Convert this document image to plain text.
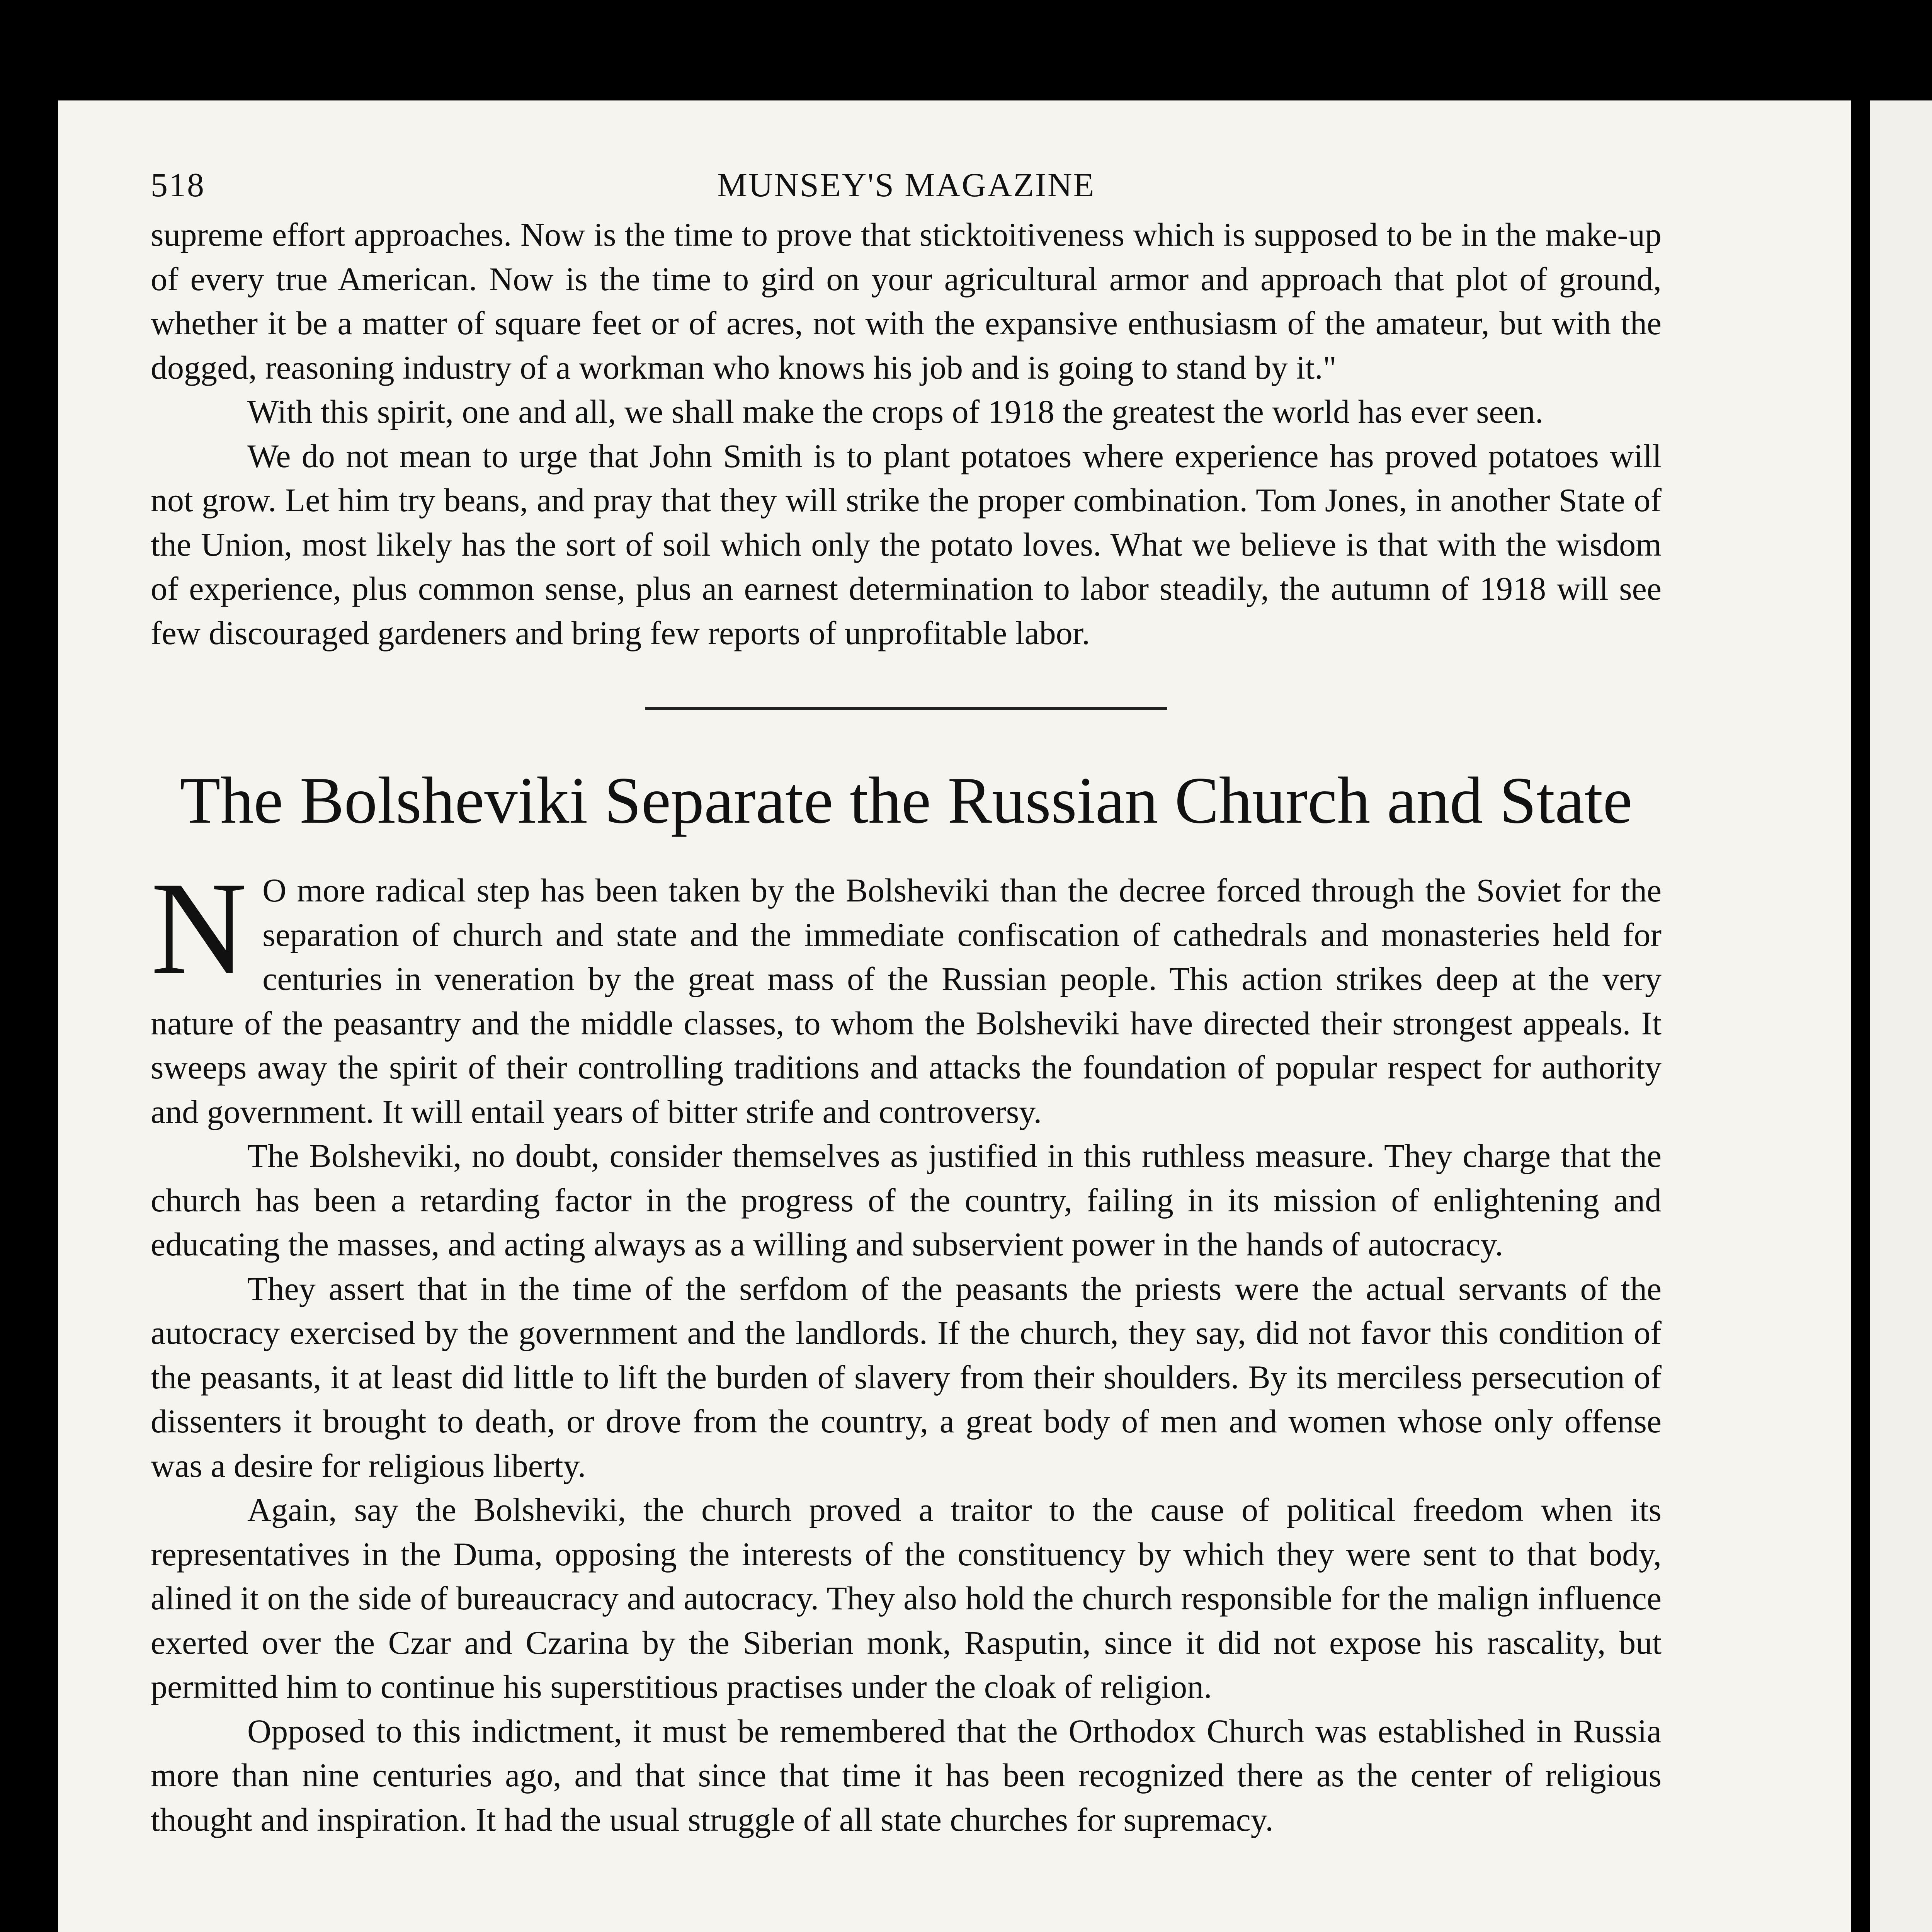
518	MUNSEY'S MAGAZINE

supreme effort approaches. Now is the time to prove that sticktoitiveness which is supposed to be in the make-up of every true American. Now is the time to gird on your agricultural armor and approach that plot of ground, whether it be a matter of square feet or of acres, not with the expansive enthusiasm of the amateur, but with the dogged, reasoning industry of a workman who knows his job and is going to stand by it."

With this spirit, one and all, we shall make the crops of 1918 the greatest the world has ever seen.

We do not mean to urge that John Smith is to plant potatoes where experience has proved potatoes will not grow. Let him try beans, and pray that they will strike the proper combination. Tom Jones, in another State of the Union, most likely has the sort of soil which only the potato loves. What we believe is that with the wisdom of experience, plus common sense, plus an earnest determination to labor steadily, the autumn of 1918 will see few discouraged gardeners and bring few reports of unprofitable labor.

The Bolsheviki Separate the Russian Church and State

N O more radical step has been taken by the Bolsheviki than the decree forced through the Soviet for the separation of church and state and the immediate confiscation of cathedrals and monasteries held for centuries in veneration by the great mass of the Russian people. This action strikes deep at the very nature of the peasantry and the middle classes, to whom the Bolsheviki have directed their strongest appeals. It sweeps away the spirit of their controlling traditions and attacks the foundation of popular respect for authority and government. It will entail years of bitter strife and controversy.

The Bolsheviki, no doubt, consider themselves as justified in this ruthless measure. They charge that the church has been a retarding factor in the progress of the country, failing in its mission of enlightening and educating the masses, and acting always as a willing and subservient power in the hands of autocracy.

They assert that in the time of the serfdom of the peasants the priests were the actual servants of the autocracy exercised by the government and the landlords. If the church, they say, did not favor this condition of the peasants, it at least did little to lift the burden of slavery from their shoulders. By its merciless persecution of dissenters it brought to death, or drove from the country, a great body of men and women whose only offense was a desire for religious liberty.

Again, say the Bolsheviki, the church proved a traitor to the cause of political freedom when its representatives in the Duma, opposing the interests of the constituency by which they were sent to that body, alined it on the side of bureaucracy and autocracy. They also hold the church responsible for the malign influence exerted over the Czar and Czarina by the Siberian monk, Rasputin, since it did not expose his rascality, but permitted him to continue his superstitious practises under the cloak of religion.

Opposed to this indictment, it must be remembered that the Orthodox Church was established in Russia more than nine centuries ago, and that since that time it has been recognized there as the center of religious thought and inspiration. It had the usual struggle of all state churches for supremacy.
